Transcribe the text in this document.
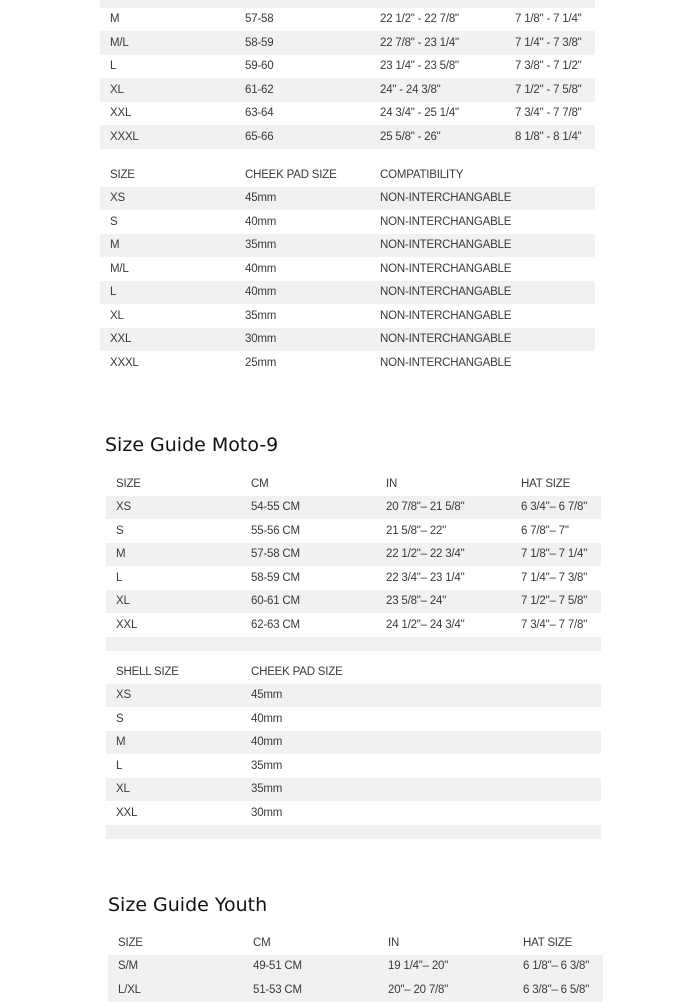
M	57-58	22 1/2" - 22 7/8"	7 1/8" - 7 1/4"
M/L	58-59	22 7/8" - 23 1/4"	7 1/4" - 7 3/8"
L	59-60	23 1/4" - 23 5/8"	7 3/8" - 7 1/2"
XL	61-62	24" - 24 3/8"	7 1/2" - 7 5/8"
XXL	63-64	24 3/4" - 25 1/4"	7 3/4" - 7 7/8"
XXXL	65-66	25 5/8" - 26"	8 1/8" - 8 1/4"
SIZE	CHEEK PAD SIZE	COMPATIBILITY
XS	45mm	NON-INTERCHANGABLE
S	40mm	NON-INTERCHANGABLE
M	35mm	NON-INTERCHANGABLE
M/L	40mm	NON-INTERCHANGABLE
L	40mm	NON-INTERCHANGABLE
XL	35mm	NON-INTERCHANGABLE
XXL	30mm	NON-INTERCHANGABLE
XXXL	25mm	NON-INTERCHANGABLE
Size Guide Moto-9
SIZE	CM	IN	HAT SIZE
XS	54-55 CM	20 7/8"– 21 5/8"	6 3/4"– 6 7/8"
S	55-56 CM	21 5/8"– 22"	6 7/8"– 7"
M	57-58 CM	22 1/2"– 22 3/4"	7 1/8"– 7 1/4"
L	58-59 CM	22 3/4"– 23 1/4"	7 1/4"– 7 3/8"
XL	60-61 CM	23 5/8"– 24"	7 1/2"– 7 5/8"
XXL	62-63 CM	24 1/2"– 24 3/4"	7 3/4"– 7 7/8"
SHELL SIZE	CHEEK PAD SIZE
XS	45mm
S	40mm
M	40mm
L	35mm
XL	35mm
XXL	30mm
Size Guide Youth
SIZE	CM	IN	HAT SIZE
S/M	49-51 CM	19 1/4"– 20"	6 1/8"– 6 3/8"
L/XL	51-53 CM	20"– 20 7/8"	6 3/8"– 6 5/8"
